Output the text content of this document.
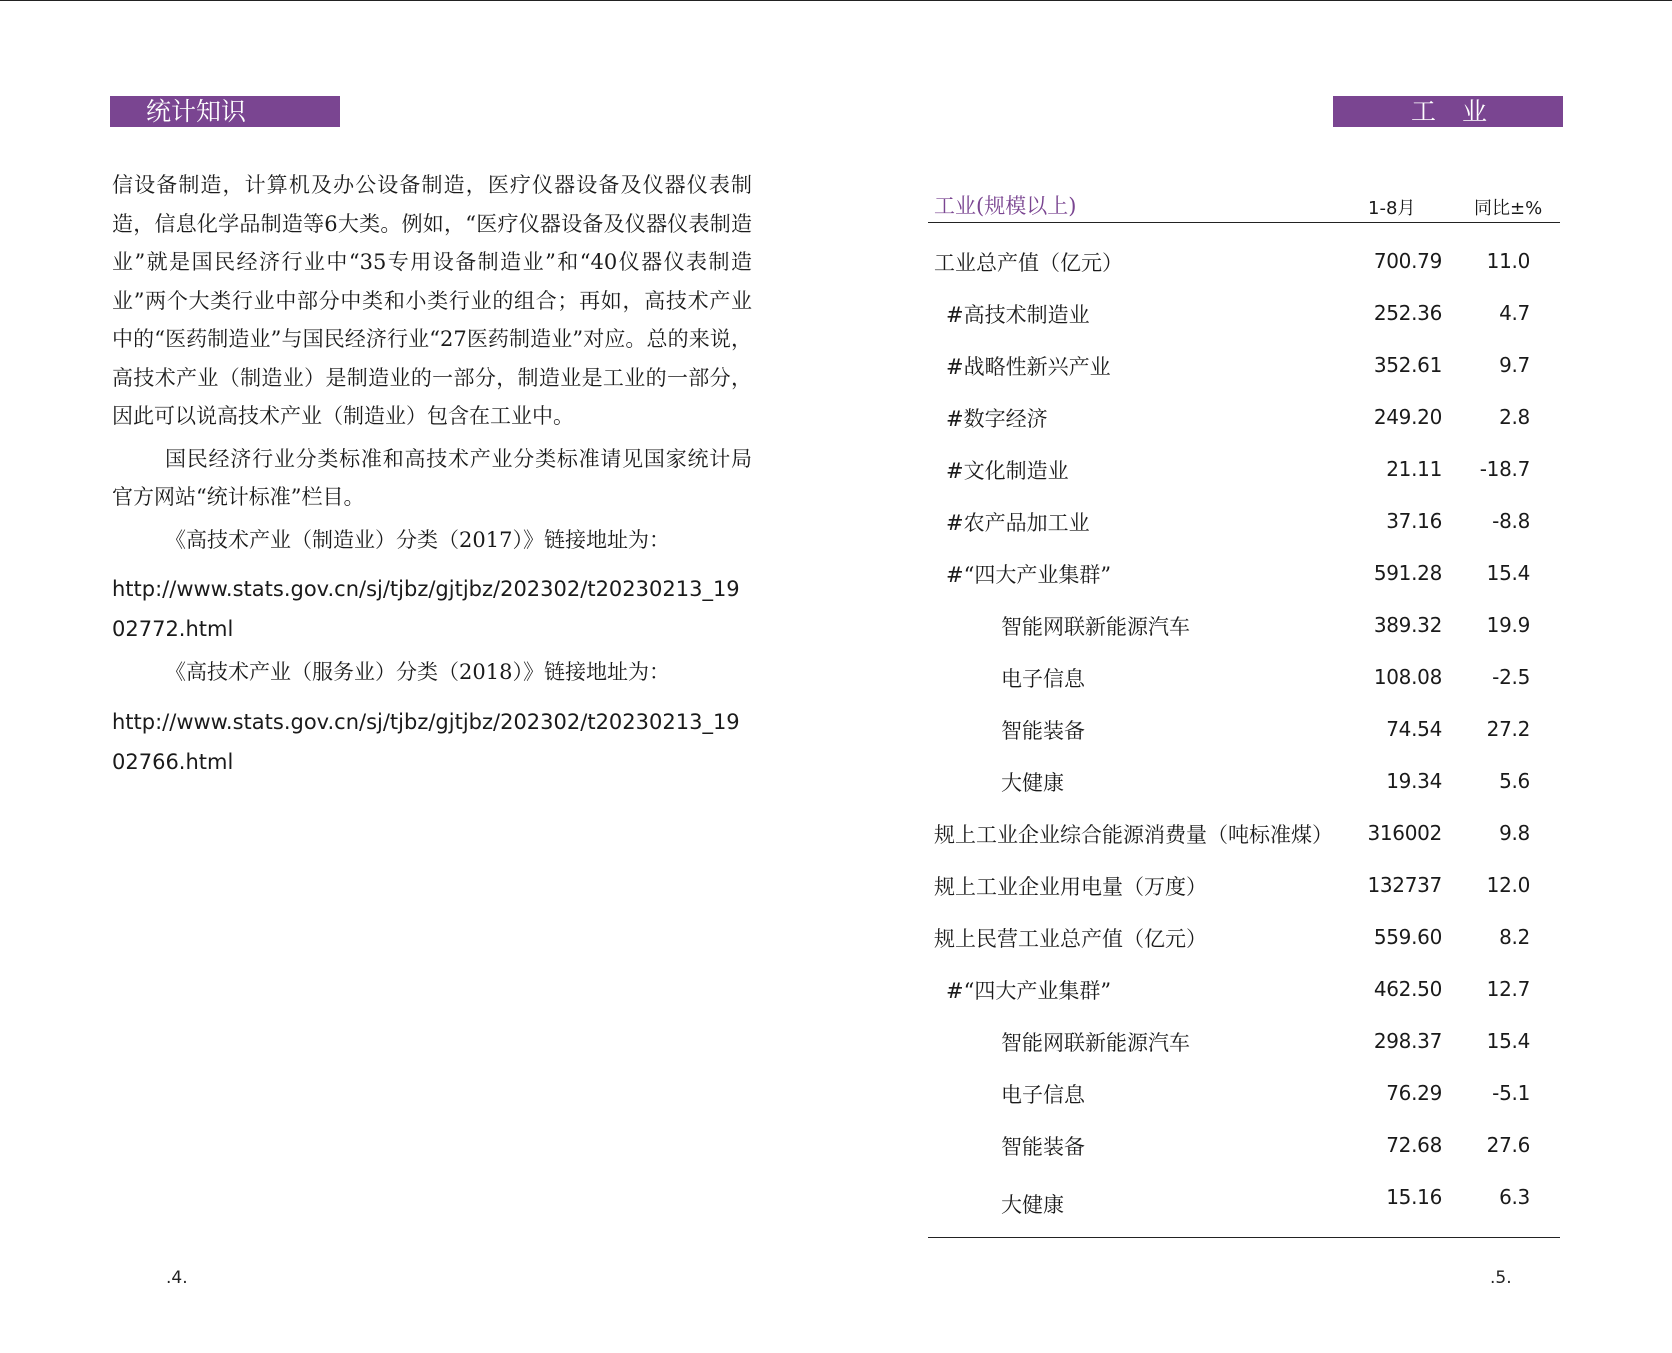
统计知识

信设备制造，计算机及办公设备制造，医疗仪器设备及仪器仪表制造，信息化学品制造等6大类。例如，“医疗仪器设备及仪器仪表制造业”就是国民经济行业中“35专用设备制造业”和“40仪器仪表制造业”两个大类行业中部分中类和小类行业的组合；再如，高技术产业中的“医药制造业”与国民经济行业“27医药制造业”对应。总的来说，高技术产业（制造业）是制造业的一部分，制造业是工业的一部分，因此可以说高技术产业（制造业）包含在工业中。

国民经济行业分类标准和高技术产业分类标准请见国家统计局官方网站“统计标准”栏目。

《高技术产业（制造业）分类（2017）》链接地址为：

http://www.stats.gov.cn/sj/tjbz/gjtjbz/202302/t20230213_1902772.html

《高技术产业（服务业）分类（2018）》链接地址为：

http://www.stats.gov.cn/sj/tjbz/gjtjbz/202302/t20230213_1902766.html

.4.
工业
工业(规模以上)	1-8月	同比±%
工业总产值（亿元）	700.79	11.0
#高技术制造业	252.36	4.7
#战略性新兴产业	352.61	9.7
#数字经济	249.20	2.8
#文化制造业	21.11	-18.7
#农产品加工业	37.16	-8.8
#“四大产业集群”	591.28	15.4
智能网联新能源汽车	389.32	19.9
电子信息	108.08	-2.5
智能装备	74.54	27.2
大健康	19.34	5.6
规上工业企业综合能源消费量（吨标准煤）	316002	9.8
规上工业企业用电量（万度）	132737	12.0
规上民营工业总产值（亿元）	559.60	8.2
#“四大产业集群”	462.50	12.7
智能网联新能源汽车	298.37	15.4
电子信息	76.29	-5.1
智能装备	72.68	27.6
大健康	15.16	6.3
.5.
